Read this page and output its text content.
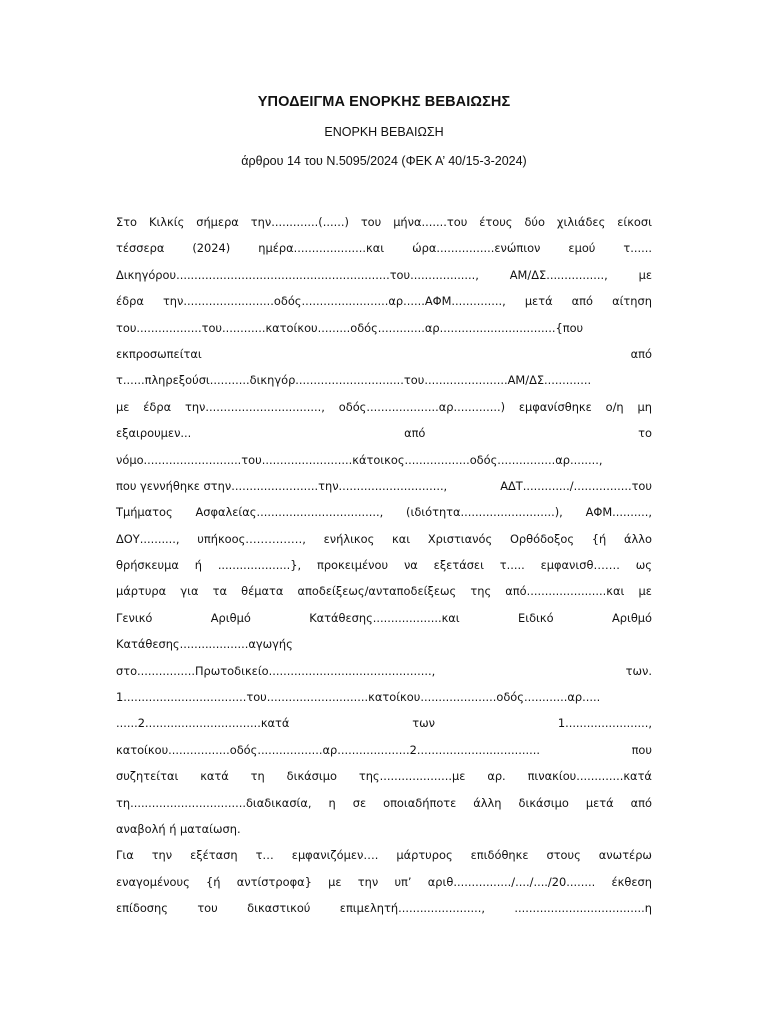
ΥΠΟΔΕΙΓΜΑ ΕΝΟΡΚΗΣ ΒΕΒΑΙΩΣΗΣ
ΕΝΟΡΚΗ ΒΕΒΑΙΩΣΗ
άρθρου 14 του Ν.5095/2024 (ΦΕΚ Α’ 40/15-3-2024)
Στο Κιλκίς σήμερα την.............(......) του μήνα.......του έτους δύο χιλιάδες είκοσι
τέσσερα (2024) ημέρα....................και ώρα................ενώπιον εμού τ......
Δικηγόρου...........................................................του..................,	ΑΜ/ΔΣ................,	με
έδρα την.........................οδός........................αρ......ΑΦΜ.............., μετά από αίτηση
του..................του............κατοίκου.........οδός.............αρ................................{που
εκπροσωπείται	από
τ......πληρεξούσι...........δικηγόρ..............................του.......................ΑΜ/ΔΣ.............
με έδρα την................................, οδός....................αρ.............) εμφανίσθηκε ο/η μη
εξαιρουμεν...	από	το
νόμο...........................του.........................κάτοικος..................οδός................αρ........,
που γεννήθηκε στην........................την.............................,	ΑΔΤ............./................του
Τμήματος Ασφαλείας.................................., (ιδιότητα..........................), ΑΦΜ..........,
ΔΟΥ.........., υπήκοος……………, ενήλικος και Χριστιανός Ορθόδοξος {ή άλλο
θρήσκευμα ή ....................}, προκειμένου να εξετάσει τ..... εμφανισθ……. ως
μάρτυρα για τα θέματα αποδείξεως/ανταποδείξεως της από......................και με
Γενικό	Αριθμό	Κατάθεσης...................και	Ειδικό	Αριθμό
Κατάθεσης...................αγωγής
στο................Πρωτοδικείο.............................................,	των.
1..................................του............................κατοίκου.....................οδός............αρ.....
......2................................κατά	των	1.......................,
κατοίκου.................οδός..................αρ....................2..................................	που
συζητείται κατά τη δικάσιμο της....................με αρ. πινακίου.............κατά
τη................................διαδικασία, η σε οποιαδήποτε άλλη δικάσιμο μετά από
αναβολή ή ματαίωση.
Για την εξέταση τ… εμφανιζόμεν…. μάρτυρος επιδόθηκε στους ανωτέρω
εναγομένους {ή αντίστροφα} με την υπ’ αριθ................/..../..../20........ έκθεση
επίδοσης	του	δικαστικού	επιμελητή.......................,	....................................η
